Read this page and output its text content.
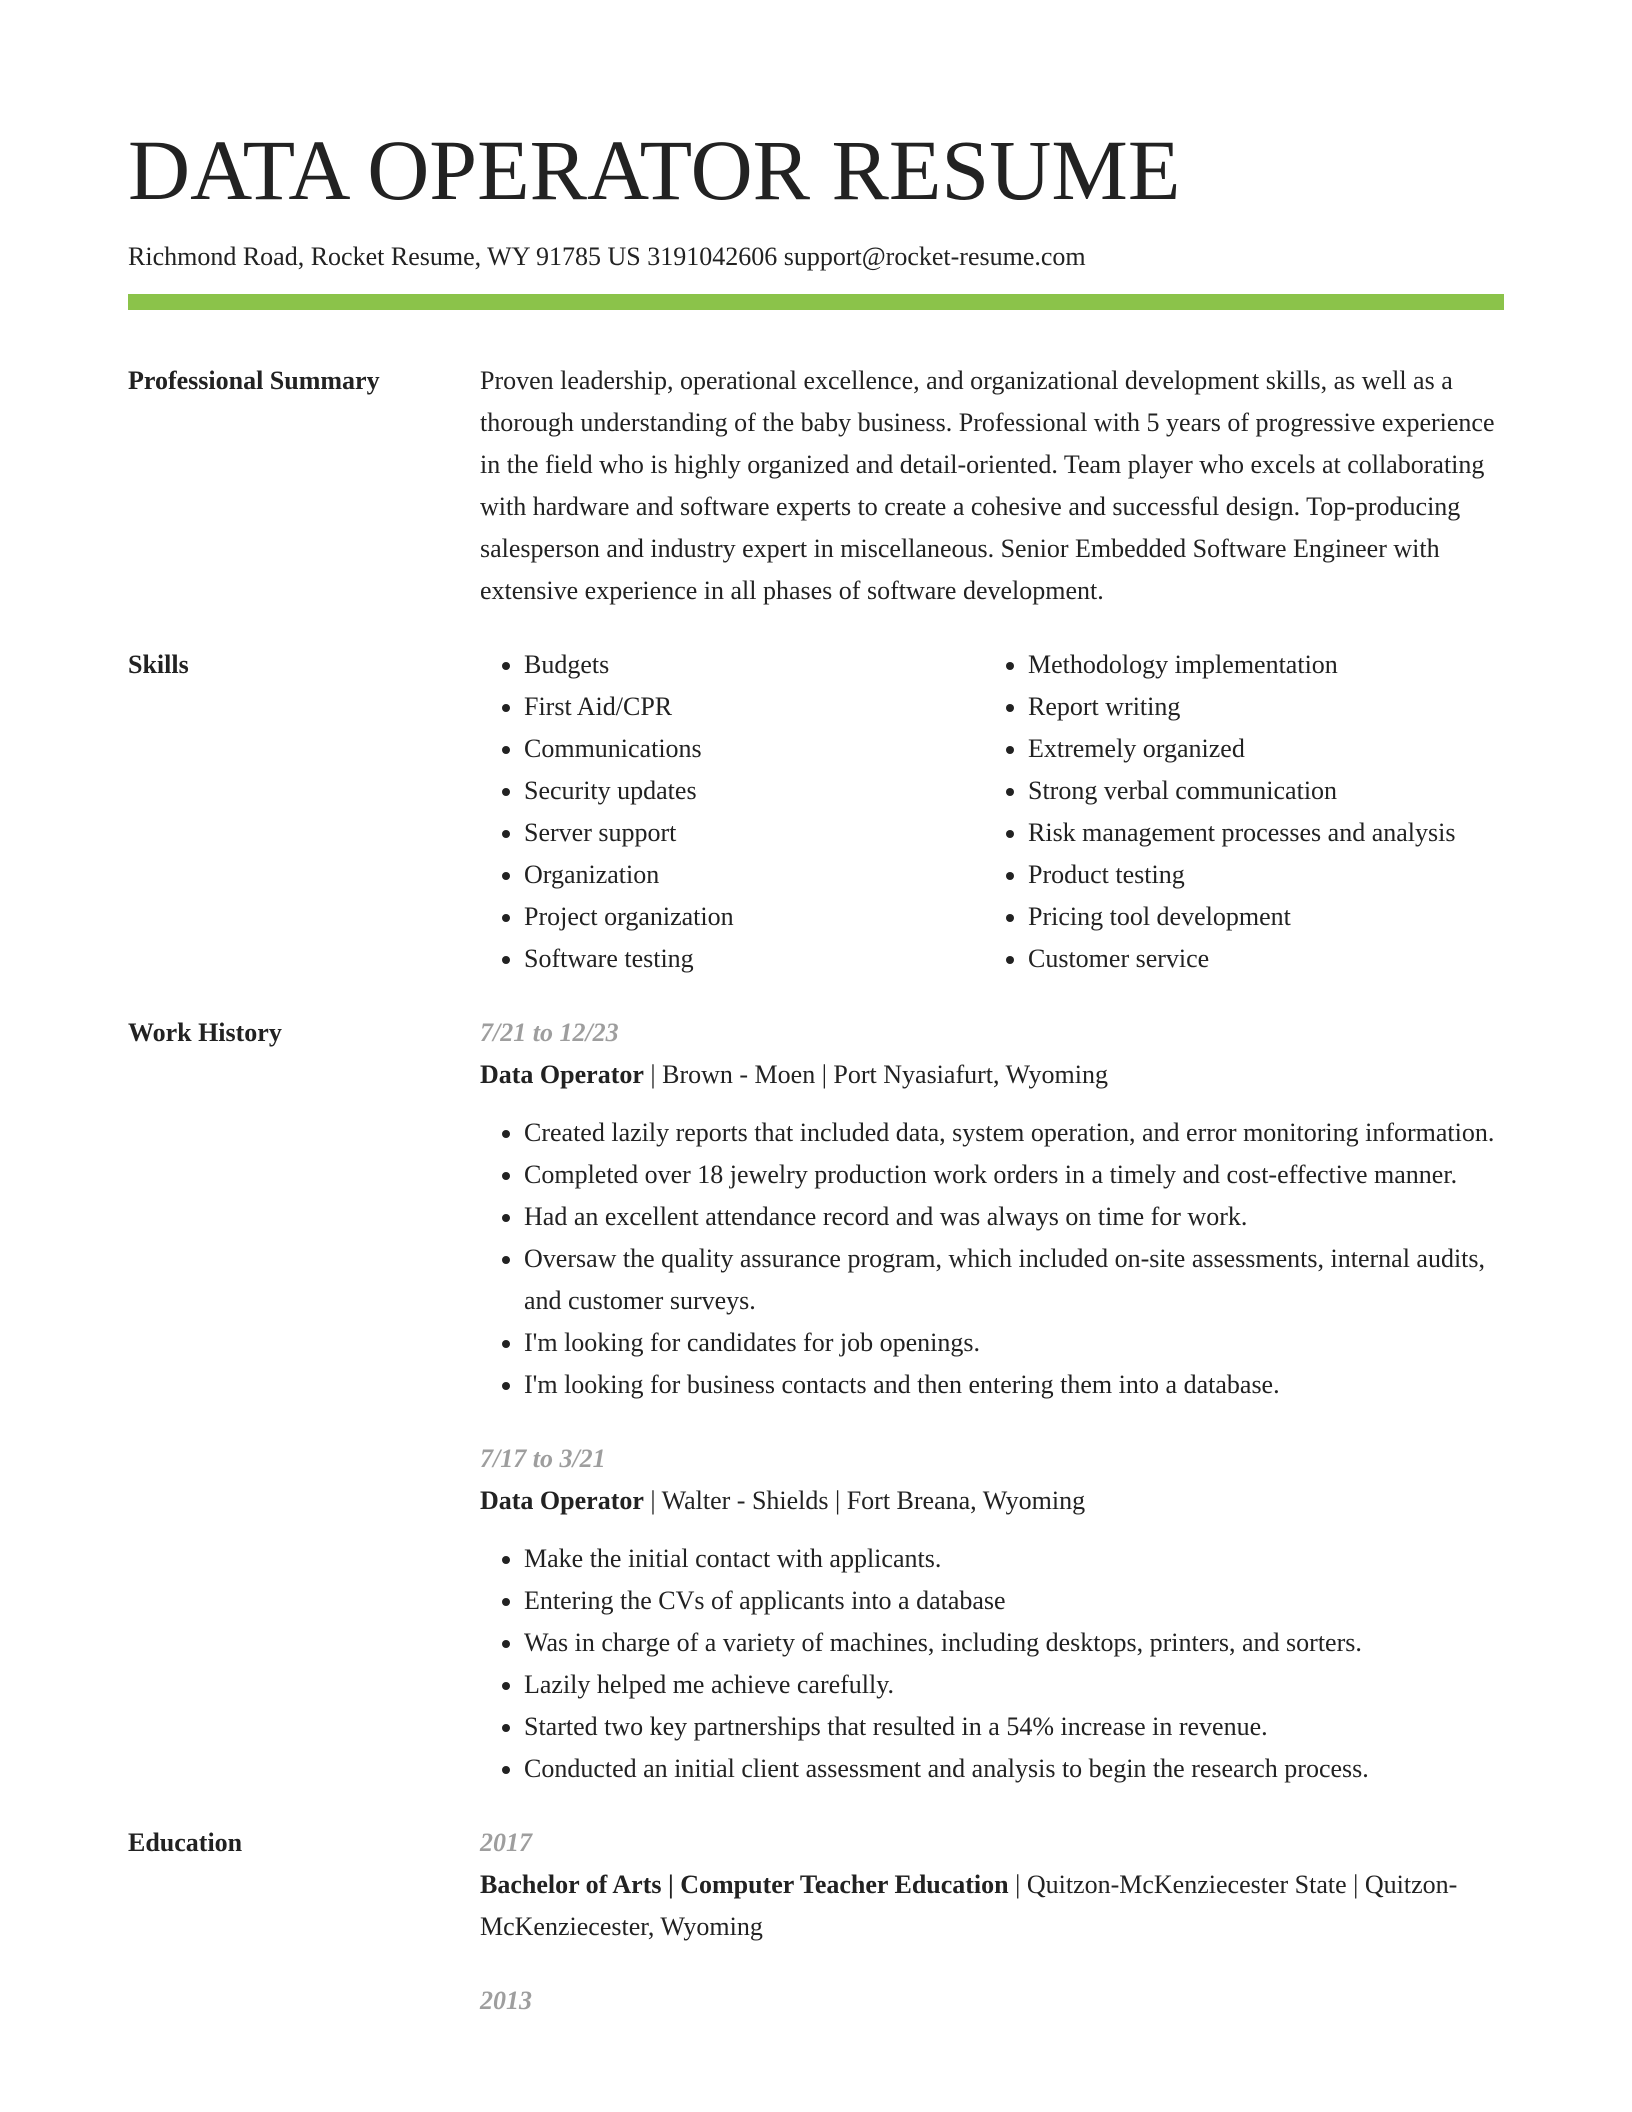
DATA OPERATOR RESUME
Richmond Road, Rocket Resume, WY 91785 US 3191042606 support@rocket-resume.com
Professional Summary	Proven leadership, operational excellence, and organizational development skills, as well as a thorough understanding of the baby business. Professional with 5 years of progressive experience in the field who is highly organized and detail-oriented. Team player who excels at collaborating with hardware and software experts to create a cohesive and successful design. Top-producing salesperson and industry expert in miscellaneous. Senior Embedded Software Engineer with extensive experience in all phases of software development.
Skills
•	Budgets
• First Aid/CPR
• Communications
• Security updates
• Server support
• Organization
• Project organization
• Software testing
• Methodology implementation
• Report writing
• Extremely organized
• Strong verbal communication
• Risk management processes and analysis
• Product testing
• Pricing tool development
• Customer service
Work History	7/21 to 12/23
Data Operator | Brown - Moen | Port Nyasiafurt, Wyoming
• Created lazily reports that included data, system operation, and error monitoring information.
• Completed over 18 jewelry production work orders in a timely and cost-effective manner.
• Had an excellent attendance record and was always on time for work.
• Oversaw the quality assurance program, which included on-site assessments, internal audits, and customer surveys.
• I'm looking for candidates for job openings.
• I'm looking for business contacts and then entering them into a database.
7/17 to 3/21
Data Operator | Walter - Shields | Fort Breana, Wyoming
• Make the initial contact with applicants.
• Entering the CVs of applicants into a database
• Was in charge of a variety of machines, including desktops, printers, and sorters.
• Lazily helped me achieve carefully.
• Started two key partnerships that resulted in a 54% increase in revenue.
• Conducted an initial client assessment and analysis to begin the research process.
Education	2017
Bachelor of Arts | Computer Teacher Education | Quitzon-McKenziecester State | Quitzon-McKenziecester, Wyoming
2013
